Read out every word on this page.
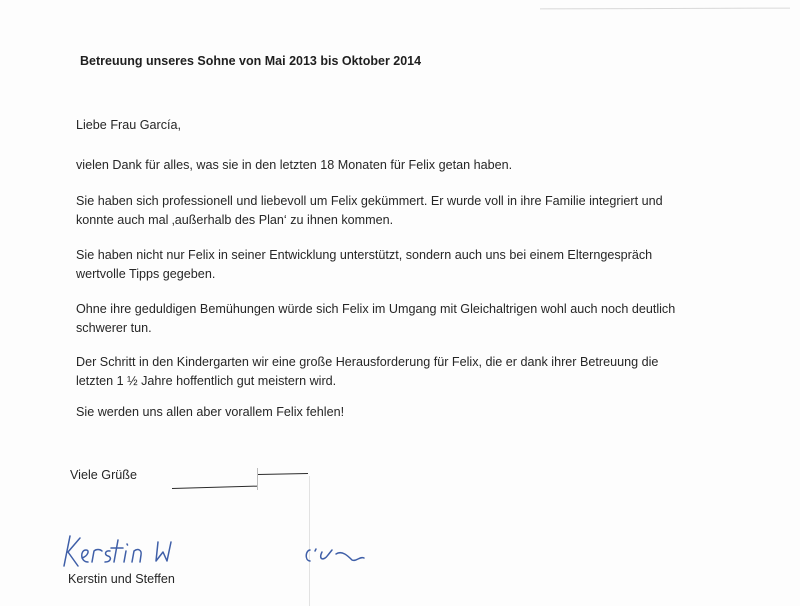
Betreuung unseres Sohne von Mai 2013 bis Oktober 2014
Liebe Frau García,
vielen Dank für alles, was sie in den letzten 18 Monaten für Felix getan haben.
Sie haben sich professionell und liebevoll um Felix gekümmert. Er wurde voll in ihre Familie integriert und
konnte auch mal ‚außerhalb des Plan‘ zu ihnen kommen.
Sie haben nicht nur Felix in seiner Entwicklung unterstützt, sondern auch uns bei einem Elterngespräch
wertvolle Tipps gegeben.
Ohne ihre geduldigen Bemühungen würde sich Felix im Umgang mit Gleichaltrigen wohl auch noch deutlich
schwerer tun.
Der Schritt in den Kindergarten wir eine große Herausforderung für Felix, die er dank ihrer Betreuung die
letzten 1 ½ Jahre hoffentlich gut meistern wird.
Sie werden uns allen aber vorallem Felix fehlen!
Viele Grüße
Kerstin und Steffen
